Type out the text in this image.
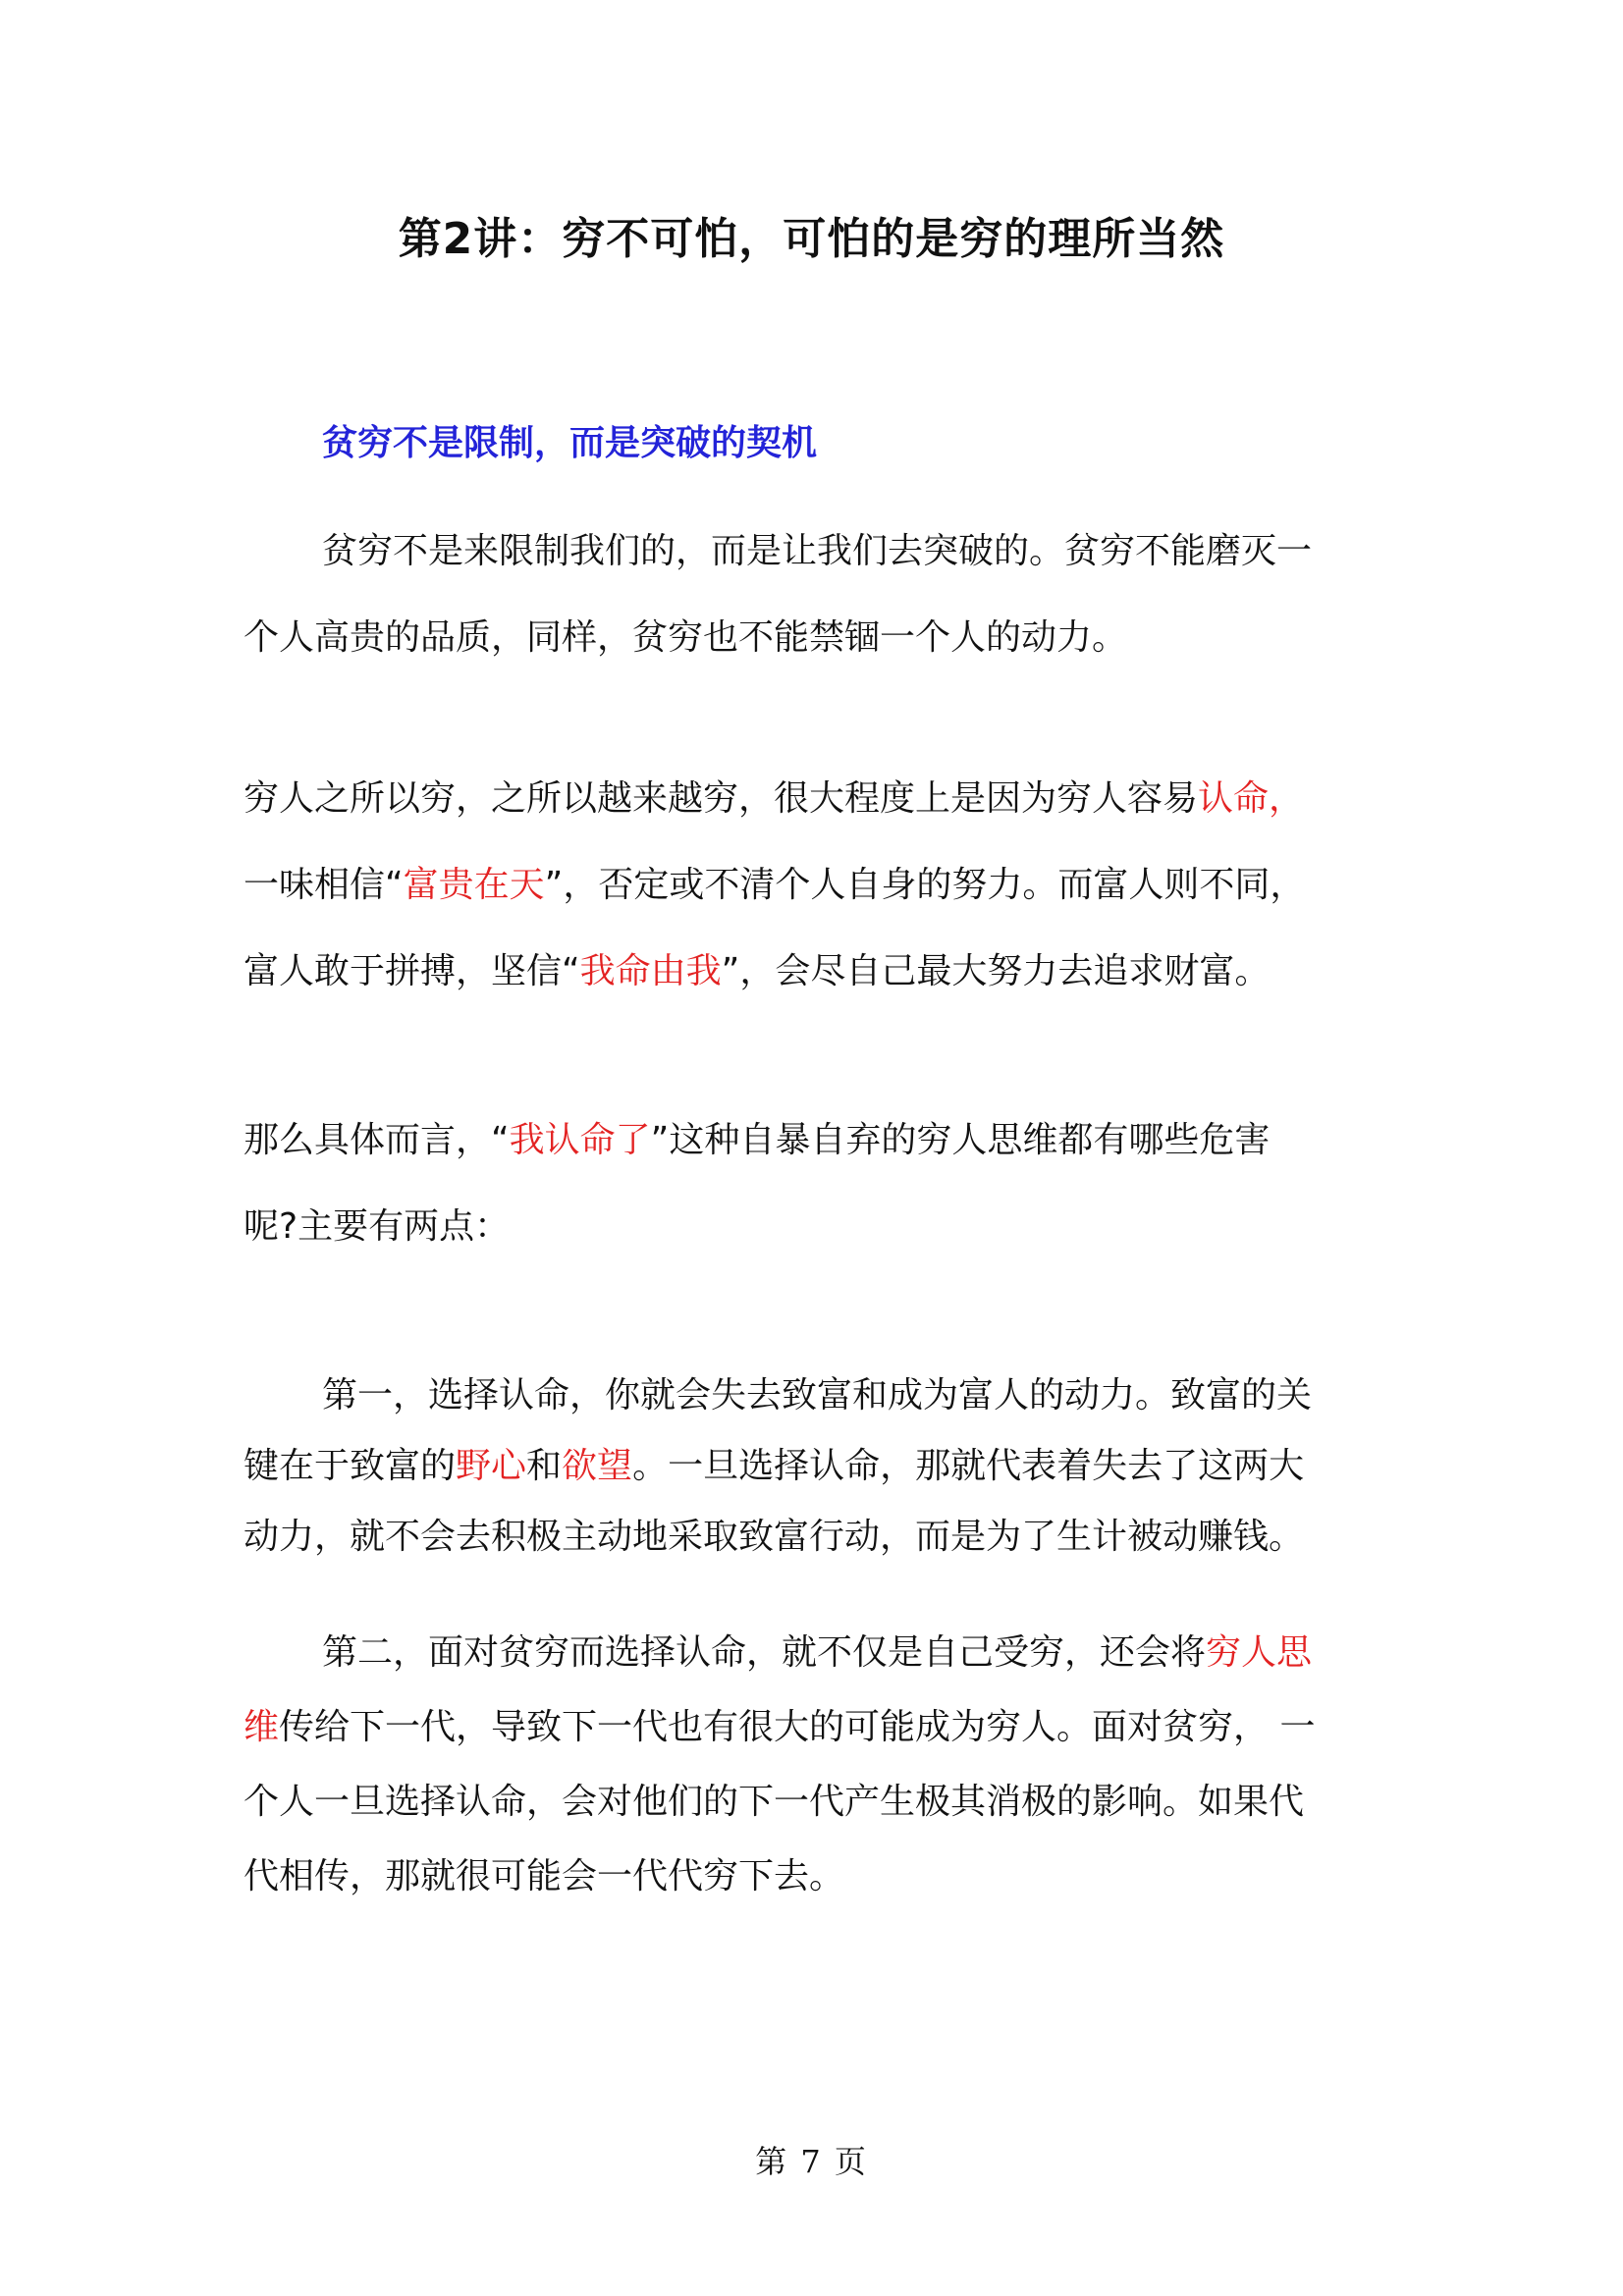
第2讲：穷不可怕，可怕的是穷的理所当然
贫穷不是限制，而是突破的契机

贫穷不是来限制我们的，而是让我们去突破的。贫穷不能磨灭一
个人高贵的品质，同样，贫穷也不能禁锢一个人的动力。

穷人之所以穷，之所以越来越穷，很大程度上是因为穷人容易认命，
一味相信“富贵在天”，否定或不清个人自身的努力。而富人则不同，
富人敢于拼搏，坚信“我命由我”，会尽自己最大努力去追求财富。

那么具体而言，“我认命了”这种自暴自弃的穷人思维都有哪些危害
呢?主要有两点：

第一，选择认命，你就会失去致富和成为富人的动力。致富的关
键在于致富的野心和欲望。一旦选择认命，那就代表着失去了这两大
动力，就不会去积极主动地采取致富行动，而是为了生计被动赚钱。

第二，面对贫穷而选择认命，就不仅是自己受穷，还会将穷人思
维传给下一代，导致下一代也有很大的可能成为穷人。面对贫穷， 一
个人一旦选择认命，会对他们的下一代产生极其消极的影响。如果代
代相传，那就很可能会一代代穷下去。

第 7 页
